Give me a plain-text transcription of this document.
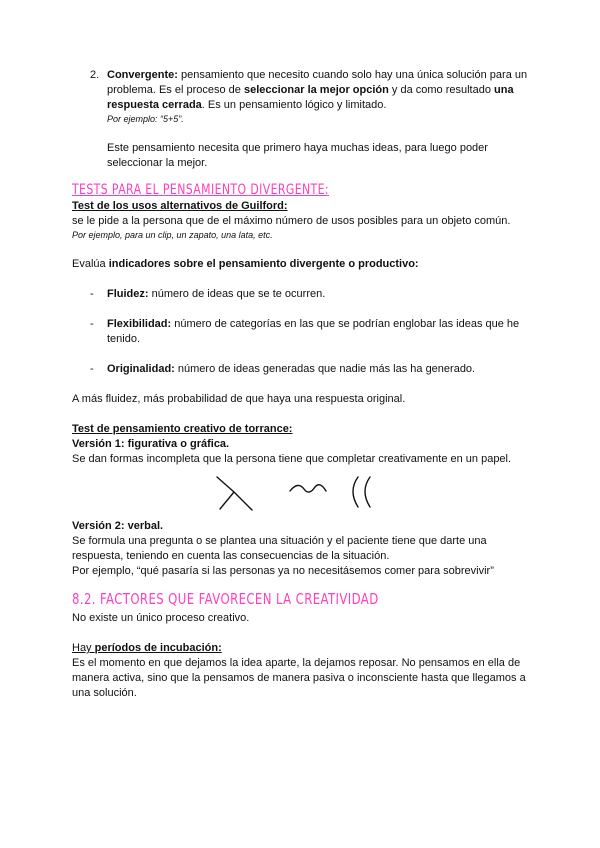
2. Convergente: pensamiento que necesito cuando solo hay una única solución para un problema. Es el proceso de seleccionar la mejor opción y da como resultado una respuesta cerrada. Es un pensamiento lógico y limitado.

Por ejemplo: “5+5”.

Este pensamiento necesita que primero haya muchas ideas, para luego poder seleccionar la mejor.

TESTS PARA EL PENSAMIENTO DIVERGENTE:

Test de los usos alternativos de Guilford:

se le pide a la persona que de el máximo número de usos posibles para un objeto común.

Por ejemplo, para un clip, un zapato, una lata, etc.

Evalúa indicadores sobre el pensamiento divergente o productivo:

-	Fluidez: número de ideas que se te ocurren.

-	Flexibilidad: número de categorías en las que se podrían englobar las ideas que he tenido.

-	Originalidad: número de ideas generadas que nadie más las ha generado.

A más fluidez, más probabilidad de que haya una respuesta original.

Test de pensamiento creativo de torrance:

Versión 1: figurativa o gráfica.

Se dan formas incompleta que la persona tiene que completar creativamente en un papel.

Versión 2: verbal.

Se formula una pregunta o se plantea una situación y el paciente tiene que darte una respuesta, teniendo en cuenta las consecuencias de la situación.

Por ejemplo, “qué pasaría si las personas ya no necesitásemos comer para sobrevivir”

8.2. FACTORES QUE FAVORECEN LA CREATIVIDAD

No existe un único proceso creativo.

Hay períodos de incubación:

Es el momento en que dejamos la idea aparte, la dejamos reposar. No pensamos en ella de manera activa, sino que la pensamos de manera pasiva o inconsciente hasta que llegamos a una solución.
